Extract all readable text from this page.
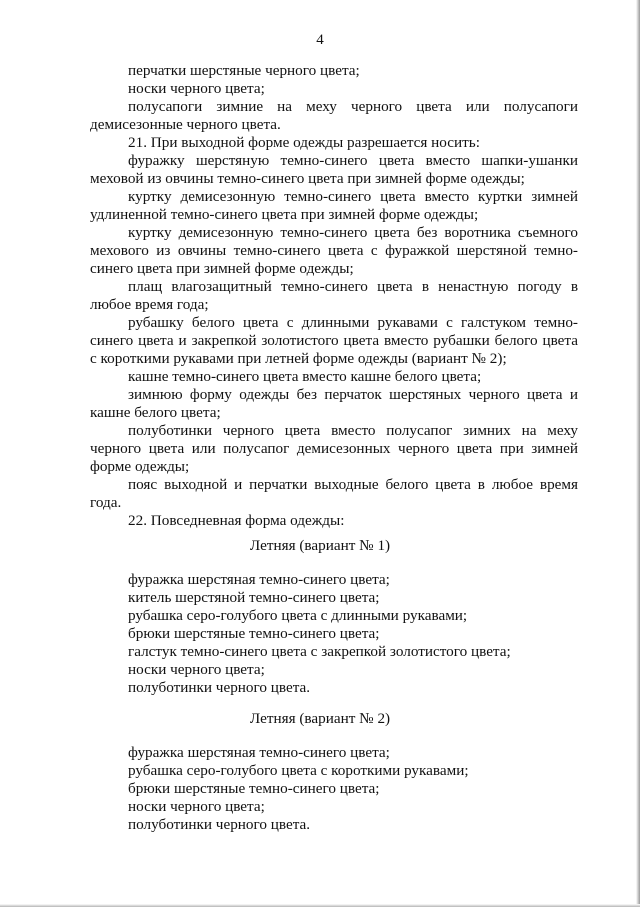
4

перчатки шерстяные черного цвета;

носки черного цвета;

полусапоги зимние на меху черного цвета или полусапоги демисезонные черного цвета.

21. При выходной форме одежды разрешается носить:

фуражку шерстяную темно-синего цвета вместо шапки-ушанки меховой из овчины темно-синего цвета при зимней форме одежды;

куртку демисезонную темно-синего цвета вместо куртки зимней удлиненной темно-синего цвета при зимней форме одежды;

куртку демисезонную темно-синего цвета без воротника съемного мехового из овчины темно-синего цвета с фуражкой шерстяной темно-синего цвета при зимней форме одежды;

плащ влагозащитный темно-синего цвета в ненастную погоду в любое время года;

рубашку белого цвета с длинными рукавами с галстуком темно-синего цвета и закрепкой золотистого цвета вместо рубашки белого цвета с короткими рукавами при летней форме одежды (вариант № 2);

кашне темно-синего цвета вместо кашне белого цвета;

зимнюю форму одежды без перчаток шерстяных черного цвета и кашне белого цвета;

полуботинки черного цвета вместо полусапог зимних на меху черного цвета или полусапог демисезонных черного цвета при зимней форме одежды;

пояс выходной и перчатки выходные белого цвета в любое время года.

22. Повседневная форма одежды:

Летняя (вариант № 1)

фуражка шерстяная темно-синего цвета;

китель шерстяной темно-синего цвета;

рубашка серо-голубого цвета с длинными рукавами;

брюки шерстяные темно-синего цвета;

галстук темно-синего цвета с закрепкой золотистого цвета;

носки черного цвета;

полуботинки черного цвета.

Летняя (вариант № 2)

фуражка шерстяная темно-синего цвета;

рубашка серо-голубого цвета с короткими рукавами;

брюки шерстяные темно-синего цвета;

носки черного цвета;

полуботинки черного цвета.
